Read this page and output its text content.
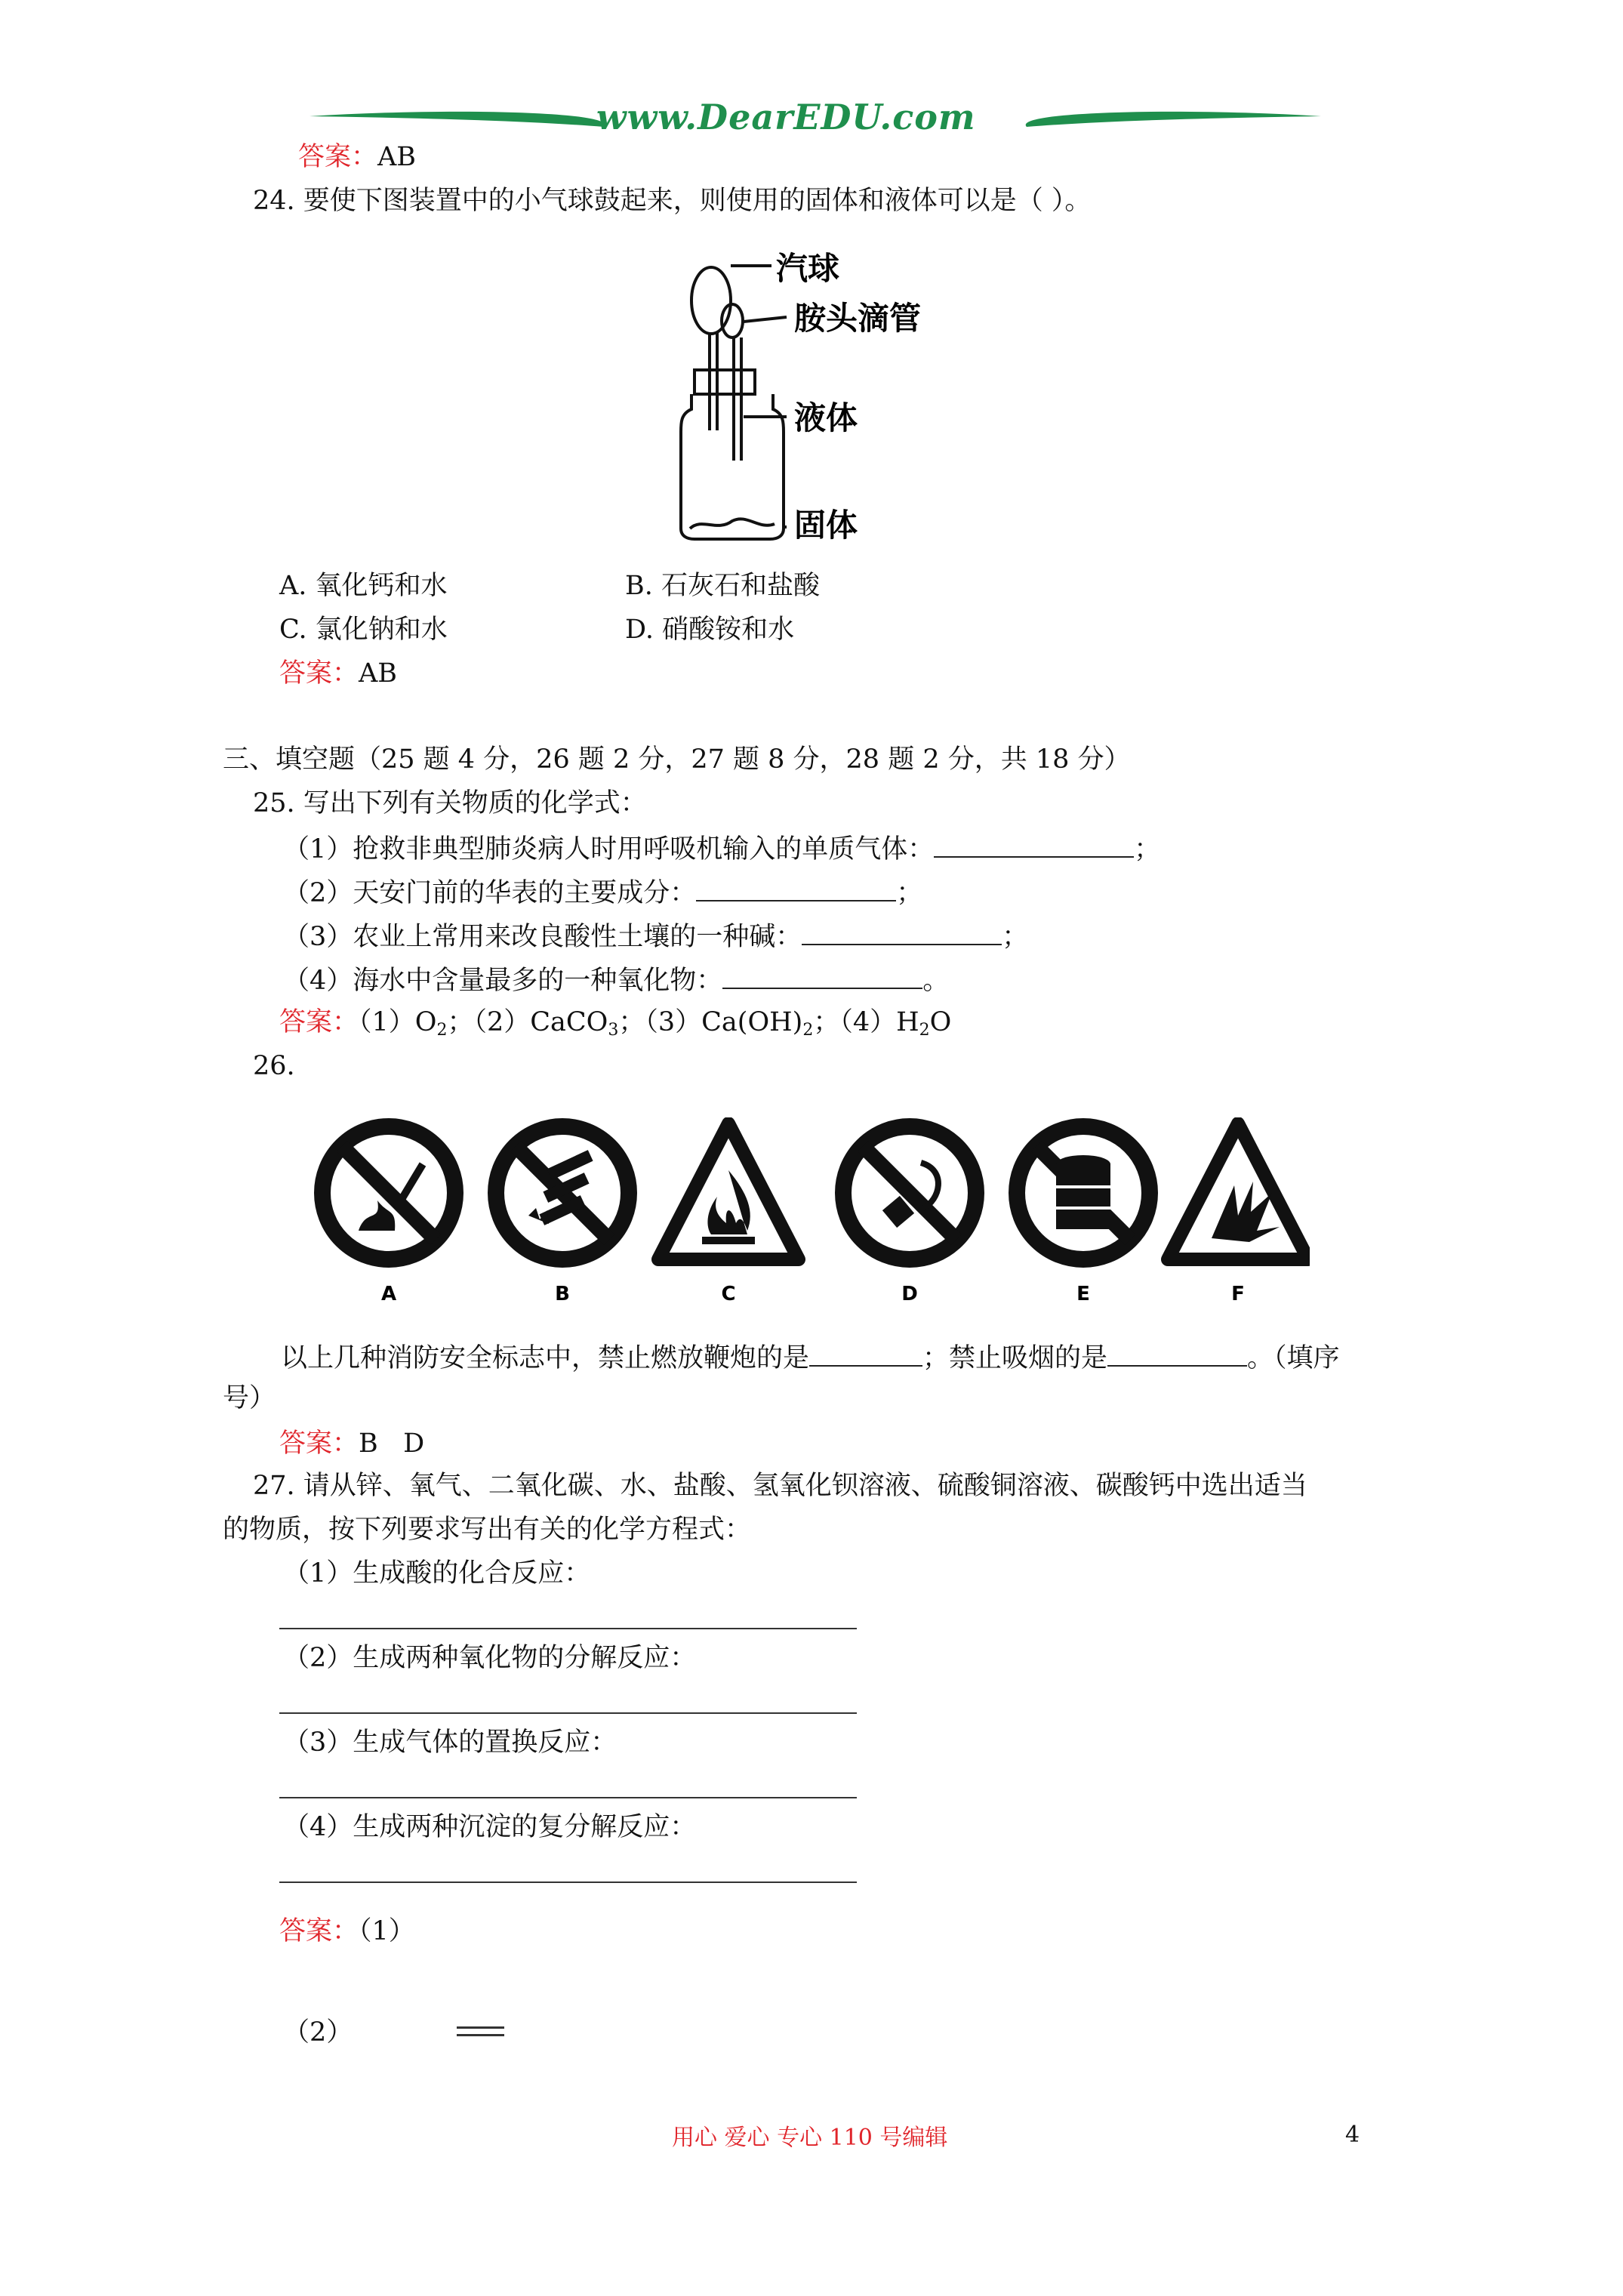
www.DearEDU.com
答案：AB
24. 要使下图装置中的小气球鼓起来，则使用的固体和液体可以是（ ）。
汽球
胺头滴管
液体
固体
A. 氧化钙和水	B. 石灰石和盐酸
C. 氯化钠和水	D. 硝酸铵和水
答案：AB
三、填空题（25 题 4 分，26 题 2 分，27 题 8 分，28 题 2 分，共 18 分）
25. 写出下列有关物质的化学式：
（1）抢救非典型肺炎病人时用呼吸机输入的单质气体：	；
（2）天安门前的华表的主要成分：	；
（3）农业上常用来改良酸性土壤的一种碱：	；
（4）海水中含量最多的一种氧化物：	。
答案：$(1)O_2$；（2）CaCO$_3$；$(3)Ca(OH)_2$；$(4)H_2O$
26.
A	B	C	D	E	F
以上几种消防安全标志中，禁止燃放鞭炮的是	；禁止吸烟的是	。（填序
号）
答案：B   D
27. 请从锌、氧气、二氧化碳、水、盐酸、氢氧化钡溶液、硫酸铜溶液、碳酸钙中选出适当
的物质，按下列要求写出有关的化学方程式：
（1）生成酸的化合反应：
（2）生成两种氧化物的分解反应：
（3）生成气体的置换反应：
（4）生成两种沉淀的复分解反应：
答案：（1）
（2）
用心 爱心 专心 110 号编辑	4
